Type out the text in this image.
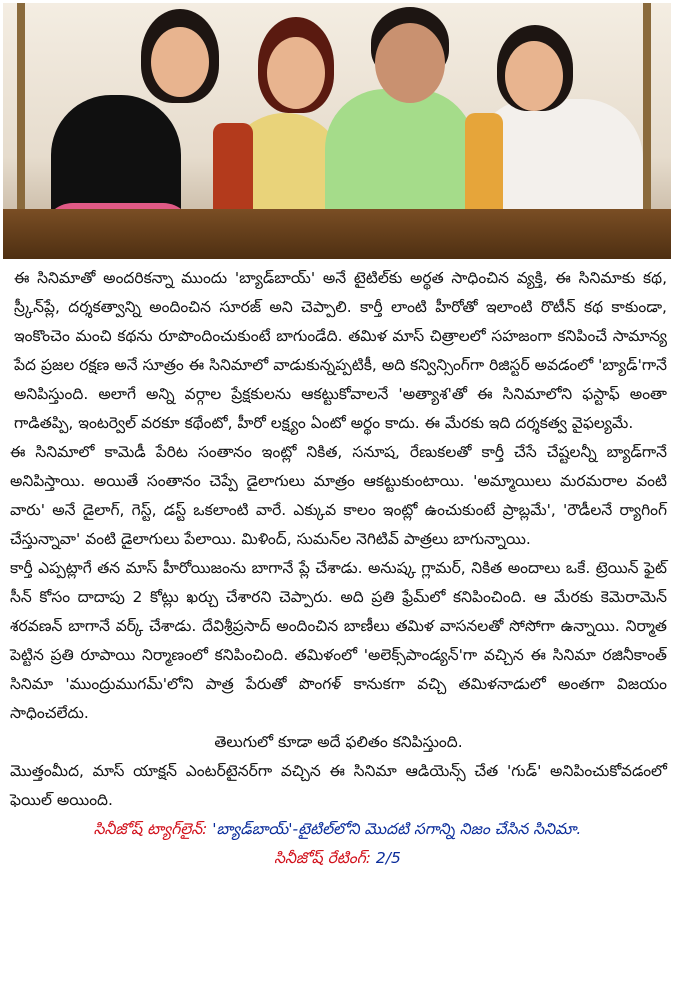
ఈ సినిమాతో అందరికన్నా ముందు 'బ్యాడ్‌బాయ్‌' అనే టైటిల్‌కు అర్థత సాధించిన వ్యక్తి, ఈ సినిమాకు కథ, స్ర్కీన్‌ప్లే, దర్శకత్వాన్ని అందించిన సూరజ్‌ అని చెప్పాలి. కార్తీ లాంటి హీరోతో ఇలాంటి రొటీన్‌ కథ కాకుండా, ఇంకొంచెం మంచి కథను రూపొందించుకుంటే బాగుండేది. తమిళ మాస్‌ చిత్రాలలో సహజంగా కనిపించే సామాన్య పేద ప్రజల రక్షణ అనే సూత్రం ఈ సినిమాలో వాడుకున్నప్పటికీ, అది కన్విన్సింగ్‌గా రిజిస్టర్‌ అవడంలో 'బ్యాడ్‌'గానే అనిపిస్తుంది. అలాగే అన్ని వర్గాల ప్రేక్షకులను ఆకట్టుకోవాలనే 'అత్యాశ'తో ఈ సినిమాలోని ఫస్టాఫ్‌ అంతా గాడితప్పి, ఇంటర్వెల్‌ వరకూ కథేంటో, హీరో లక్ష్యం ఏంటో అర్థం కాదు. ఈ మేరకు ఇది దర్శకత్వ వైఫల్యమే.

ఈ సినిమాలో కామెడీ పేరిట సంతానం ఇంట్లో నికిత, సనూష, రేణుకలతో కార్తీ చేసే చేష్టలన్నీ బ్యాడ్‌గానే అనిపిస్తాయి. అయితే సంతానం చెప్పే డైలాగులు మాత్రం ఆకట్టుకుంటాయి. 'అమ్మాయిలు మరమరాల వంటి వారు' అనే డైలాగ్‌, గెస్ట్‌, డస్ట్‌ ఒకలాంటి వారే. ఎక్కువ కాలం ఇంట్లో ఉంచుకుంటే ప్రాబ్లమే', 'రౌడీలనే ర్యాగింగ్‌ చేస్తున్నావా' వంటి డైలాగులు పేలాయి. మిళింద్‌, సుమన్‌ల నెగిటివ్‌ పాత్రలు బాగున్నాయి.

కార్తీ ఎప్పట్లాగే తన మాస్‌ హీరోయిజంను బాగానే ప్లే చేశాడు. అనుష్క గ్లామర్‌, నికిత అందాలు ఒకే. ట్రెయిన్‌ ఫైట్‌ సీన్‌ కోసం దాదాపు 2 కోట్లు ఖర్చు చేశారని చెప్పారు. అది ప్రతి ఫ్రేమ్‌లో కనిపించింది. ఆ మేరకు కెమెరామెన్‌ శరవణన్‌ బాగానే వర్క్‌ చేశాడు. దేవిశ్రీప్రసాద్‌ అందించిన బాణీలు తమిళ వాసనలతో సోసోగా ఉన్నాయి. నిర్మాత పెట్టిన ప్రతి రూపాయి నిర్మాణంలో కనిపించింది. తమిళంలో 'అలెక్స్‌పాండ్యన్‌'గా వచ్చిన ఈ సినిమా రజినీకాంత్‌ సినిమా 'ముంద్రుముగమ్‌'లోని పాత్ర పేరుతో పొంగళ్‌ కానుకగా వచ్చి తమిళనాడులో అంతగా విజయం సాధించలేదు.

తెలుగులో కూడా అదే ఫలితం కనిపిస్తుంది.

మొత్తంమీద, మాస్‌ యాక్షన్‌ ఎంటర్‌టైనర్‌గా వచ్చిన ఈ సినిమా ఆడియెన్స్‌ చేత 'గుడ్‌' అనిపించుకోవడంలో ఫెయిల్‌ అయింది.

సినీజోష్‌ ట్యాగ్‌లైన్‌: 'బ్యాడ్‌బాయ్‌'-టైటిల్‌లోని మొదటి సగాన్ని నిజం చేసిన సినిమా.

సినీజోష్‌ రేటింగ్‌: 2/5
